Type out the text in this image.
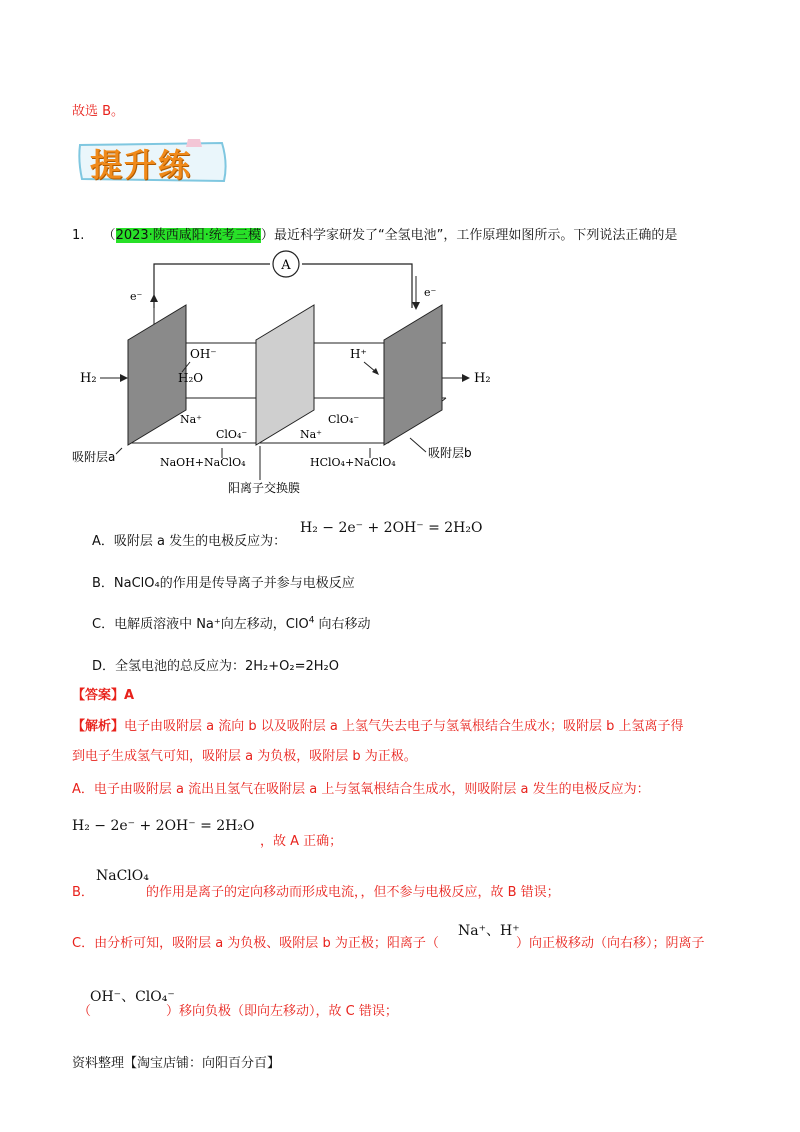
故选 B。
提升练
1. （2023·陕西咸阳·统考三模）最近科学家研发了“全氢电池”，工作原理如图所示。下列说法正确的是
A
e⁻	e⁻
H₂	H₂
OH⁻
H₂O
H⁺
Na⁺
ClO₄⁻
ClO₄⁻
Na⁺
吸附层a	吸附层b
NaOH+NaClO₄	HClO₄+NaClO₄
阳离子交换膜
A．吸附层 a 发生的电极反应为：
H₂ − 2e⁻ + 2OH⁻ = 2H₂O
B．NaClO₄的作用是传导离子并参与电极反应
C．电解质溶液中 Na⁺向左移动，ClO$^4$ 向右移动
D．全氢电池的总反应为：2H₂+O₂=2H₂O
【答案】A
【解析】电子由吸附层 a 流向 b 以及吸附层 a 上氢气失去电子与氢氧根结合生成水；吸附层 b 上氢离子得
到电子生成氢气可知，吸附层 a 为负极，吸附层 b 为正极。
A．电子由吸附层 a 流出且氢气在吸附层 a 上与氢氧根结合生成水，则吸附层 a 发生的电极反应为：
H₂ − 2e⁻ + 2OH⁻ = 2H₂O
，故 A 正确；
B．
NaClO₄
的作用是离子的定向移动而形成电流，，但不参与电极反应，故 B 错误；
C．由分析可知，吸附层 a 为负极、吸附层 b 为正极；阳离子（
Na⁺、H⁺
）向正极移动（向右移）；阴离子
（
OH⁻、ClO₄⁻
）移向负极（即向左移动），故 C 错误；
资料整理【淘宝店铺：向阳百分百】
